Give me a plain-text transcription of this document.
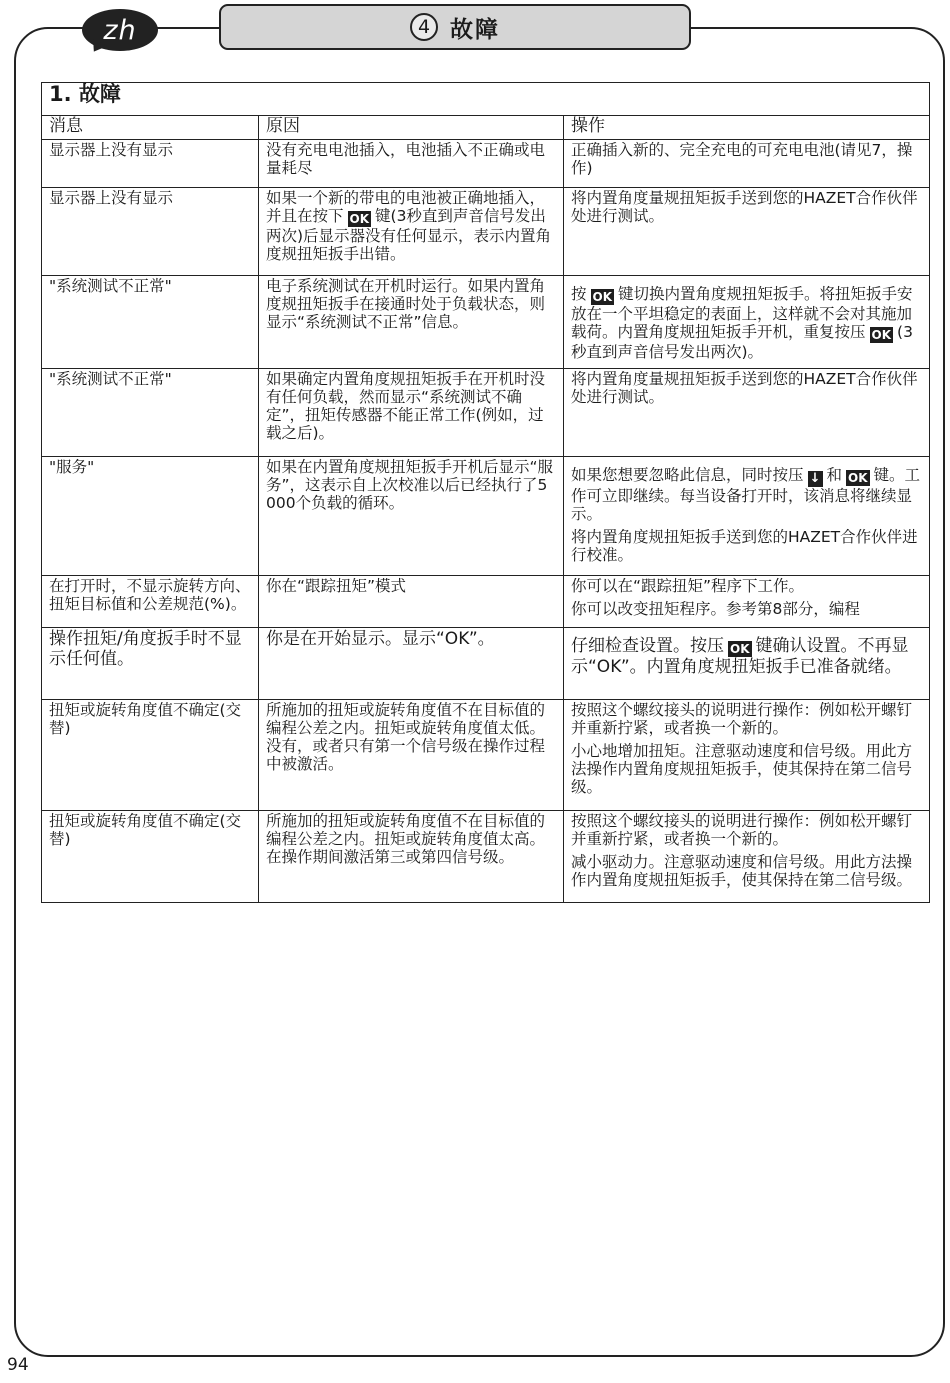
zh	4 故障
1. 故障		
消息	原因	操作
显示器上没有显示	没有充电电池插入，电池插入不正确或电量耗尽	正确插入新的、完全充电的可充电电池(请见7，操作)
显示器上没有显示	如果一个新的带电的电池被正确地插入，并且在按下 OK 键(3秒直到声音信号发出两次)后显示器没有任何显示，表示内置角度规扭矩扳手出错。	将内置角度量规扭矩扳手送到您的HAZET合作伙伴处进行测试。
"系统测试不正常"	电子系统测试在开机时运行。如果内置角度规扭矩扳手在接通时处于负载状态，则显示“系统测试不正常”信息。	按 OK 键切换内置角度规扭矩扳手。将扭矩扳手安放在一个平坦稳定的表面上，这样就不会对其施加载荷。内置角度规扭矩扳手开机，重复按压 OK (3秒直到声音信号发出两次)。
"系统测试不正常"	如果确定内置角度规扭矩扳手在开机时没有任何负载，然而显示“系统测试不确定”，扭矩传感器不能正常工作(例如，过载之后)。	将内置角度量规扭矩扳手送到您的HAZET合作伙伴处进行测试。
"服务"	如果在内置角度规扭矩扳手开机后显示“服务”，这表示自上次校准以后已经执行了5000个负载的循环。	如果您想要忽略此信息，同时按压 ↓ 和 OK 键。工作可立即继续。每当设备打开时，该消息将继续显示。

将内置角度规扭矩扳手送到您的HAZET合作伙伴进行校准。

在打开时，不显示旋转方向、扭矩目标值和公差规范(%)。	你在“跟踪扭矩”模式	你可以在“跟踪扭矩”程序下工作。

你可以改变扭矩程序。参考第8部分，编程

操作扭矩/角度扳手时不显示任何值。	你是在开始显示。显示“OK”。	仔细检查设置。按压 OK 键确认设置。不再显示“OK”。内置角度规扭矩扳手已准备就绪。
扭矩或旋转角度值不确定(交替)	所施加的扭矩或旋转角度值不在目标值的编程公差之内。扭矩或旋转角度值太低。没有，或者只有第一个信号级在操作过程中被激活。	按照这个螺纹接头的说明进行操作：例如松开螺钉并重新拧紧，或者换一个新的。

小心地增加扭矩。注意驱动速度和信号级。用此方法操作内置角度规扭矩扳手，使其保持在第二信号级。

扭矩或旋转角度值不确定(交替)	所施加的扭矩或旋转角度值不在目标值的编程公差之内。扭矩或旋转角度值太高。在操作期间激活第三或第四信号级。	按照这个螺纹接头的说明进行操作：例如松开螺钉并重新拧紧，或者换一个新的。

减小驱动力。注意驱动速度和信号级。用此方法操作内置角度规扭矩扳手，使其保持在第二信号级。

94
